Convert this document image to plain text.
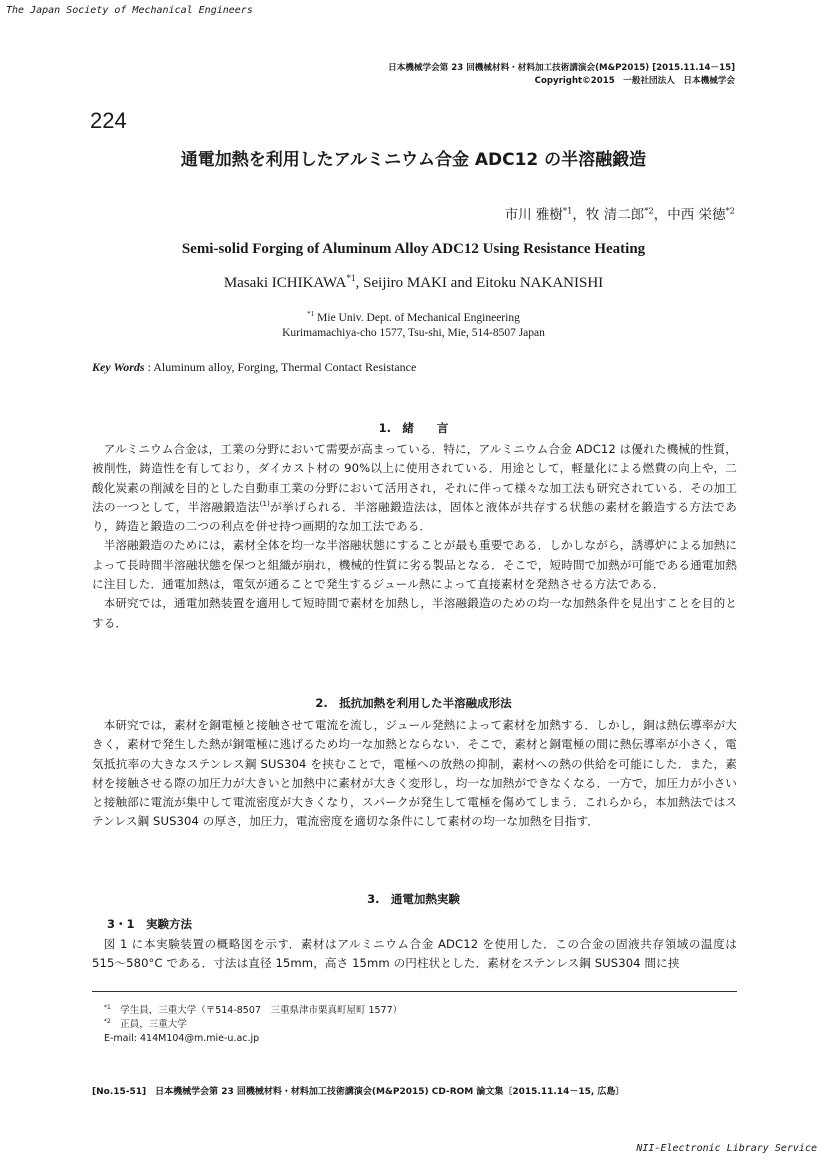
The Japan Society of Mechanical Engineers
日本機械学会第 23 回機械材料・材料加工技術講演会(M&P2015) [2015.11.14－15]
Copyright©2015　一般社団法人　日本機械学会
224
通電加熱を利用したアルミニウム合金 ADC12 の半溶融鍛造
市川 雅樹$^{*1}$，牧 清二郎$^{*2}$，中西 栄徳$^{*2}$
Semi-solid Forging of Aluminum Alloy ADC12 Using Resistance Heating
Masaki ICHIKAWA$^{*1}$, Seijiro MAKI and Eitoku NAKANISHI
$^{*1}$ Mie Univ. Dept. of Mechanical Engineering
Kurimamachiya-cho 1577, Tsu-shi, Mie, 514-8507 Japan
Key Words : Aluminum alloy, Forging, Thermal Contact Resistance
1.　緒　　言

アルミニウム合金は，工業の分野において需要が高まっている．特に，アルミニウム合金 ADC12 は優れた機械的性質，被削性，鋳造性を有しており，ダイカスト材の 90%以上に使用されている．用途として，軽量化による燃費の向上や，二酸化炭素の削減を目的とした自動車工業の分野において活用され，それに伴って様々な加工法も研究されている．その加工法の一つとして，半溶融鍛造法$^{(1)}$が挙げられる．半溶融鍛造法は，固体と液体が共存する状態の素材を鍛造する方法であり，鋳造と鍛造の二つの利点を併せ持つ画期的な加工法である．

半溶融鍛造のためには，素材全体を均一な半溶融状態にすることが最も重要である．しかしながら，誘導炉による加熱によって長時間半溶融状態を保つと組織が崩れ，機械的性質に劣る製品となる．そこで，短時間で加熱が可能である通電加熱に注目した．通電加熱は，電気が通ることで発生するジュール熱によって直接素材を発熱させる方法である．

本研究では，通電加熱装置を適用して短時間で素材を加熱し，半溶融鍛造のための均一な加熱条件を見出すことを目的とする．

2.　抵抗加熱を利用した半溶融成形法

本研究では，素材を銅電極と接触させて電流を流し，ジュール発熱によって素材を加熱する．しかし，銅は熱伝導率が大きく，素材で発生した熱が銅電極に逃げるため均一な加熱とならない．そこで，素材と銅電極の間に熱伝導率が小さく，電気抵抗率の大きなステンレス鋼 SUS304 を挟むことで，電極への放熱の抑制，素材への熱の供給を可能にした．また，素材を接触させる際の加圧力が大きいと加熱中に素材が大きく変形し，均一な加熱ができなくなる．一方で，加圧力が小さいと接触部に電流が集中して電流密度が大きくなり，スパークが発生して電極を傷めてしまう．これらから，本加熱法ではステンレス鋼 SUS304 の厚さ，加圧力，電流密度を適切な条件にして素材の均一な加熱を目指す．

3.　通電加熱実験
3・1　実験方法

図 1 に本実験装置の概略図を示す．素材はアルミニウム合金 ADC12 を使用した．この合金の固液共存領域の温度は 515～580°C である．寸法は直径 15mm，高さ 15mm の円柱状とした．素材をステンレス鋼 SUS304 間に挟

$^{*1}$　 学生員，三重大学（〒514-8507　三重県津市栗真町屋町 1577）
$^{*2}$　 正員，三重大学
E-mail: 414M104@m.mie-u.ac.jp
[No.15-51]　日本機械学会第 23 回機械材料・材料加工技術講演会(M&P2015) CD-ROM 論文集〔2015.11.14－15, 広島〕
NII-Electronic Library Service
